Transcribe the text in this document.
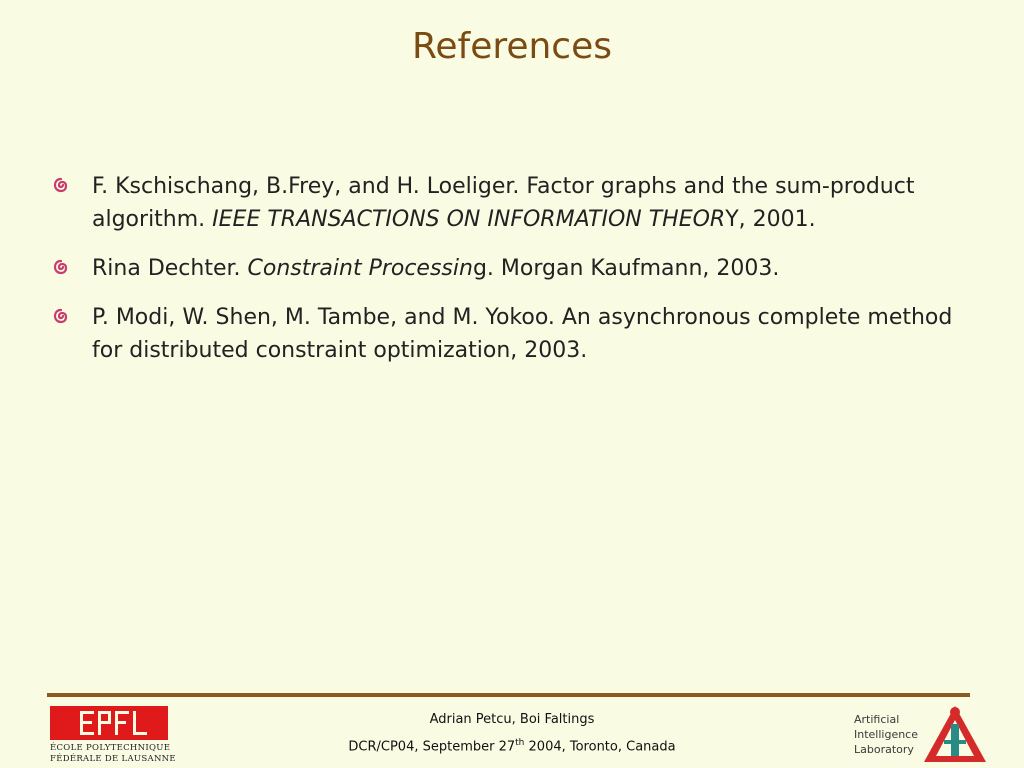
References
F. Kschischang, B.Frey, and H. Loeliger. Factor graphs and the sum-product algorithm. IEEE TRANSACTIONS ON INFORMATION THEORY, 2001.
Rina Dechter. Constraint Processing. Morgan Kaufmann, 2003.
P. Modi, W. Shen, M. Tambe, and M. Yokoo. An asynchronous complete method for distributed constraint optimization, 2003.
ÉCOLE POLYTECHNIQUE
FÉDÉRALE DE LAUSANNE
Adrian Petcu, Boi Faltings
DCR/CP04, September 27th 2004, Toronto, Canada
Artificial
Intelligence
Laboratory
